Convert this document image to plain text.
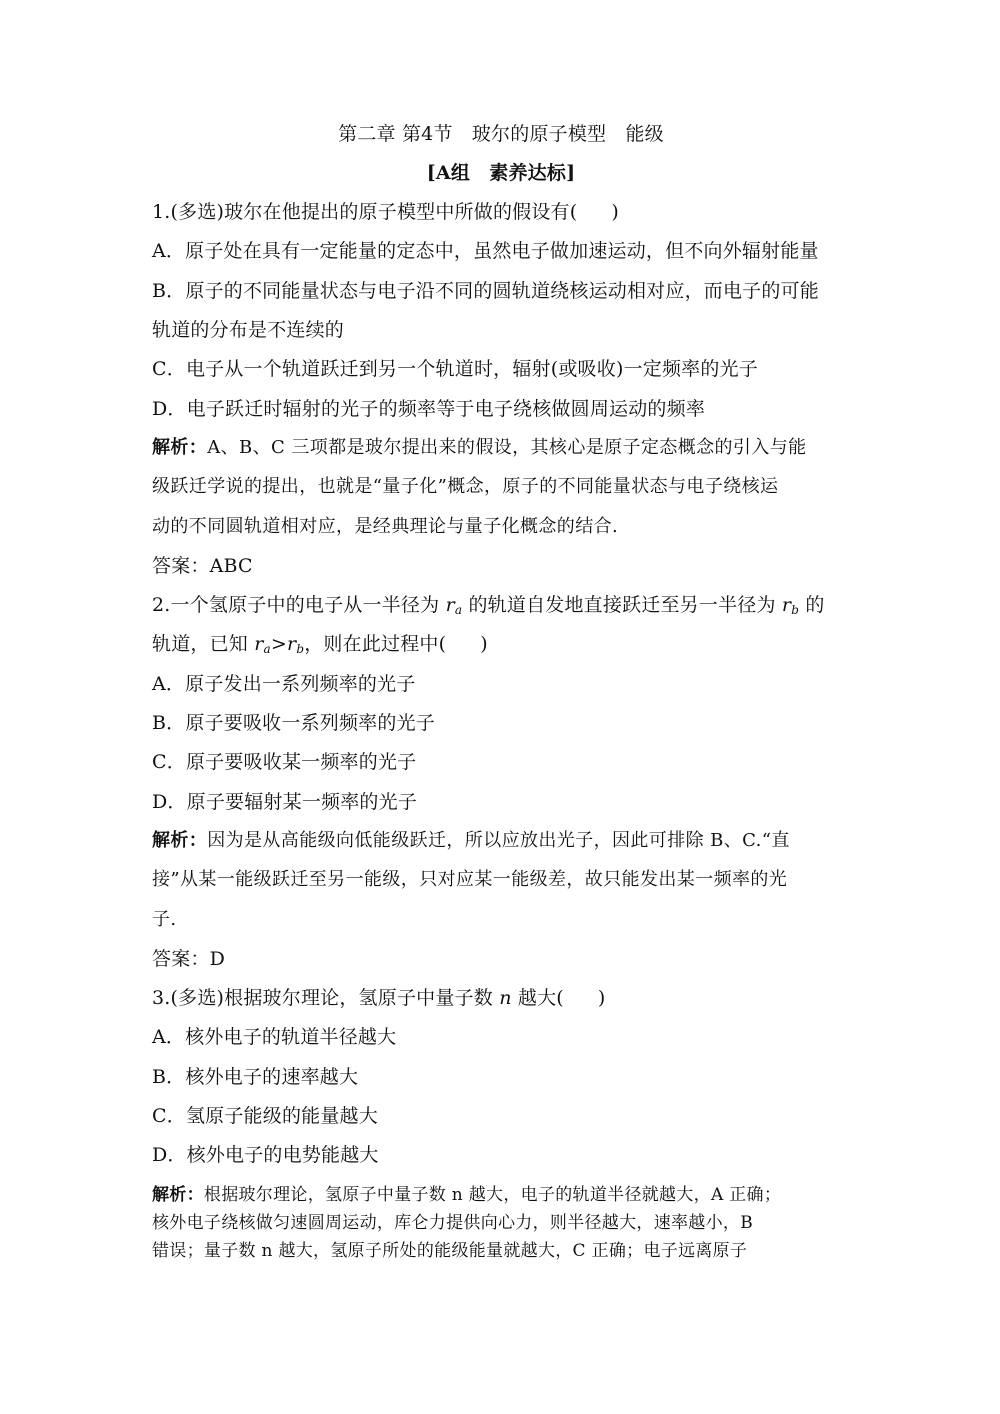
第二章 第4节　玻尔的原子模型　能级
[A组　素养达标]
1.(多选)玻尔在他提出的原子模型中所做的假设有( )
A．原子处在具有一定能量的定态中，虽然电子做加速运动，但不向外辐射能量
B．原子的不同能量状态与电子沿不同的圆轨道绕核运动相对应，而电子的可能
轨道的分布是不连续的
C．电子从一个轨道跃迁到另一个轨道时，辐射(或吸收)一定频率的光子
D．电子跃迁时辐射的光子的频率等于电子绕核做圆周运动的频率
解析：A、B、C 三项都是玻尔提出来的假设，其核心是原子定态概念的引入与能
级跃迁学说的提出，也就是“量子化”概念，原子的不同能量状态与电子绕核运
动的不同圆轨道相对应，是经典理论与量子化概念的结合.
答案：ABC
2.一个氢原子中的电子从一半径为 $r_a$ 的轨道自发地直接跃迁至另一半径为 $r_b$ 的
轨道，已知 $r_a>r_b$，则在此过程中( )
A．原子发出一系列频率的光子
B．原子要吸收一系列频率的光子
C．原子要吸收某一频率的光子
D．原子要辐射某一频率的光子
解析：因为是从高能级向低能级跃迁，所以应放出光子，因此可排除 B、C.“直
接”从某一能级跃迁至另一能级，只对应某一能级差，故只能发出某一频率的光
子.
答案：D
3.(多选)根据玻尔理论，氢原子中量子数 n 越大( )
A．核外电子的轨道半径越大
B．核外电子的速率越大
C．氢原子能级的能量越大
D．核外电子的电势能越大
解析：根据玻尔理论，氢原子中量子数 n 越大，电子的轨道半径就越大，A 正确；
核外电子绕核做匀速圆周运动，库仑力提供向心力，则半径越大，速率越小，B
错误；量子数 n 越大，氢原子所处的能级能量就越大，C 正确；电子远离原子
